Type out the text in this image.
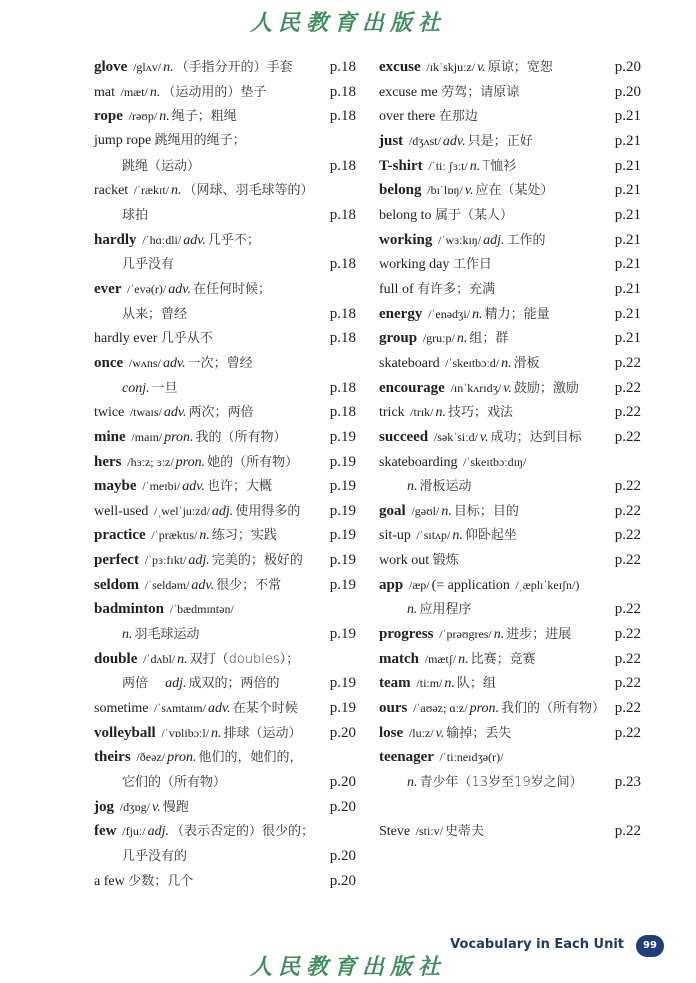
人民教育出版社
glove /glʌv/ n. （手指分开的）手套 p.18
mat /mæt/ n. （运动用的）垫子	p.18
rope /rəʊp/ n. 绳子；粗绳	p.18
jump rope 跳绳用的绳子；
跳绳（运动）	p.18
racket /ˈrækɪt/ n. （网球、羽毛球等的）
球拍	p.18
hardly /ˈhɑːdli/ adv. 几乎不；
几乎没有	p.18
ever /ˈevə(r)/ adv. 在任何时候；
从来；曾经	p.18
hardly ever 几乎从不	p.18
once /wʌns/ adv. 一次；曾经
conj. 一旦	p.18
twice /twaɪs/ adv. 两次；两倍	p.18
mine /maɪn/ pron. 我的（所有物）	p.19
hers /hɜːz; ɜːz/ pron. 她的（所有物） p.19
maybe /ˈmeɪbi/ adv. 也许；大概	p.19
well-used /ˌwelˈjuːzd/ adj. 使用得多的 p.19
practice /ˈpræktɪs/ n. 练习；实践	p.19
perfect /ˈpɜːfɪkt/ adj. 完美的；极好的 p.19
seldom /ˈseldəm/ adv. 很少；不常	p.19
badminton /ˈbædmɪntən/
n. 羽毛球运动	p.19
double /ˈdʌbl/ n. 双打（doubles）；
两倍　 adj. 成双的；两倍的	p.19
sometime /ˈsʌmtaɪm/ adv. 在某个时候 p.19
volleyball /ˈvɒlibɔːl/ n. 排球（运动） p.20
theirs /ðeəz/ pron. 他们的，她们的，
它们的（所有物）	p.20
jog /dʒɒg/ v. 慢跑	p.20
few /fjuː/ adj. （表示否定的）很少的；
几乎没有的	p.20
a few 少数；几个	p.20
excuse /ɪkˈskjuːz/ v. 原谅；宽恕	p.20
excuse me 劳驾；请原谅	p.20
over there 在那边	p.21
just /dʒʌst/ adv. 只是；正好	p.21
T-shirt /ˈtiː ʃɜːt/ n. T恤衫	p.21
belong /bɪˈlɒŋ/ v. 应在（某处）	p.21
belong to 属于（某人）	p.21
working /ˈwɜːkɪŋ/ adj. 工作的	p.21
working day 工作日	p.21
full of 有许多；充满	p.21
energy /ˈenədʒi/ n. 精力；能量	p.21
group /gruːp/ n. 组；群	p.21
skateboard /ˈskeɪtbɔːd/ n. 滑板	p.22
encourage /ɪnˈkʌrɪdʒ/ v. 鼓励；激励 p.22
trick /trɪk/ n. 技巧；戏法	p.22
succeed /səkˈsiːd/ v. 成功；达到目标 p.22
skateboarding /ˈskeɪtbɔːdɪŋ/
n. 滑板运动	p.22
goal /gəʊl/ n. 目标；目的	p.22
sit-up /ˈsɪtʌp/ n. 仰卧起坐	p.22
work out 锻炼	p.22
app /æp/ (= application /ˌæplɪˈkeɪʃn/)
n. 应用程序	p.22
progress /ˈprəʊgres/ n. 进步；进展	p.22
match /mætʃ/ n. 比赛；竞赛	p.22
team /tiːm/ n. 队；组	p.22
ours /ˈaʊəz; ɑːz/ pron. 我们的（所有物） p.22
lose /luːz/ v. 输掉；丢失	p.22
teenager /ˈtiːneɪdʒə(r)/
n. 青少年（13岁至19岁之间） p.23
Steve /stiːv/ 史蒂夫	p.22
Vocabulary in Each Unit	99
人民教育出版社
